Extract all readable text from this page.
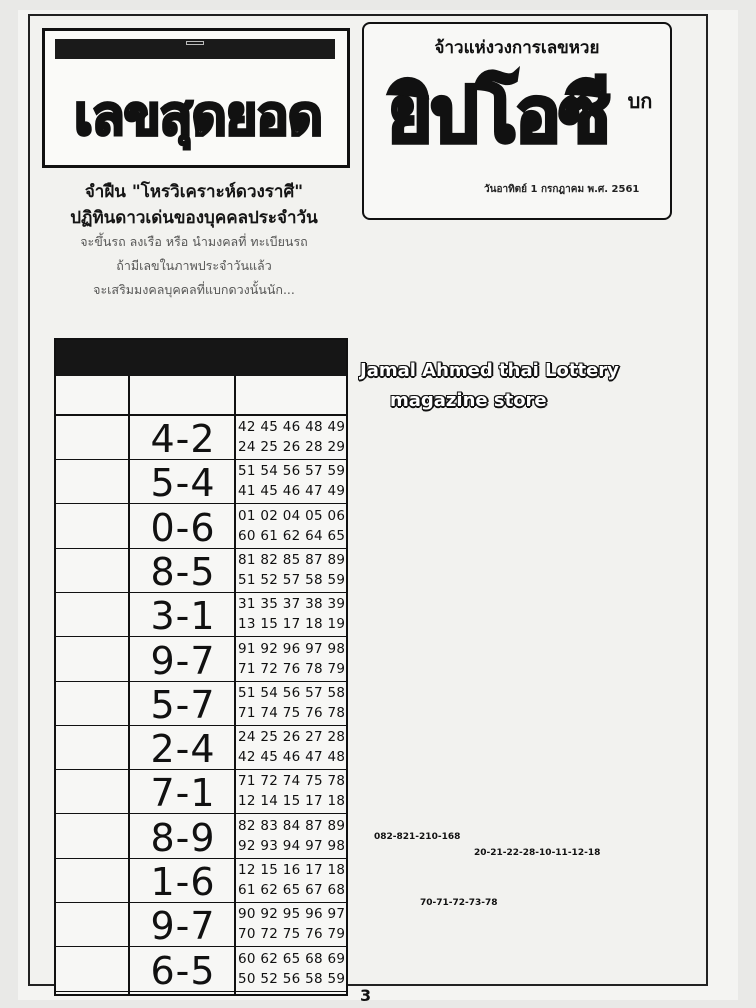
เลขสุดยอด
จำฝืน "โหรวิเคราะห์ดวงราศี"
ปฏิทินดาวเด่นของบุคคลประจำวัน
จะขึ้นรถ ลงเรือ หรือ นำมงคลที่ ทะเบียนรถ
ถ้ามีเลขในภาพประจำวันแล้ว
จะเสริมมงคลบุคคลที่แบกดวงนั้นนัก...
4-2	42 45 46 48 49
24 25 26 28 29
5-4	51 54 56 57 59
41 45 46 47 49
0-6	01 02 04 05 06
60 61 62 64 65
8-5	81 82 85 87 89
51 52 57 58 59
3-1	31 35 37 38 39
13 15 17 18 19
9-7	91 92 96 97 98
71 72 76 78 79
5-7	51 54 56 57 58
71 74 75 76 78
2-4	24 25 26 27 28
42 45 46 47 48
7-1	71 72 74 75 78
12 14 15 17 18
8-9	82 83 84 87 89
92 93 94 97 98
1-6	12 15 16 17 18
61 62 65 67 68
9-7	90 92 95 96 97
70 72 75 76 79
6-5	60 62 65 68 69
50 52 56 58 59
จ้าวแห่งวงการเลขหวย
ยิปโอซี บก
วันอาทิตย์ 1 กรกฎาคม พ.ศ. 2561
Jamal Ahmed thai Lottery
magazine store
082-821-210-168
20-21-22-28-10-11-12-18
70-71-72-73-78
3
